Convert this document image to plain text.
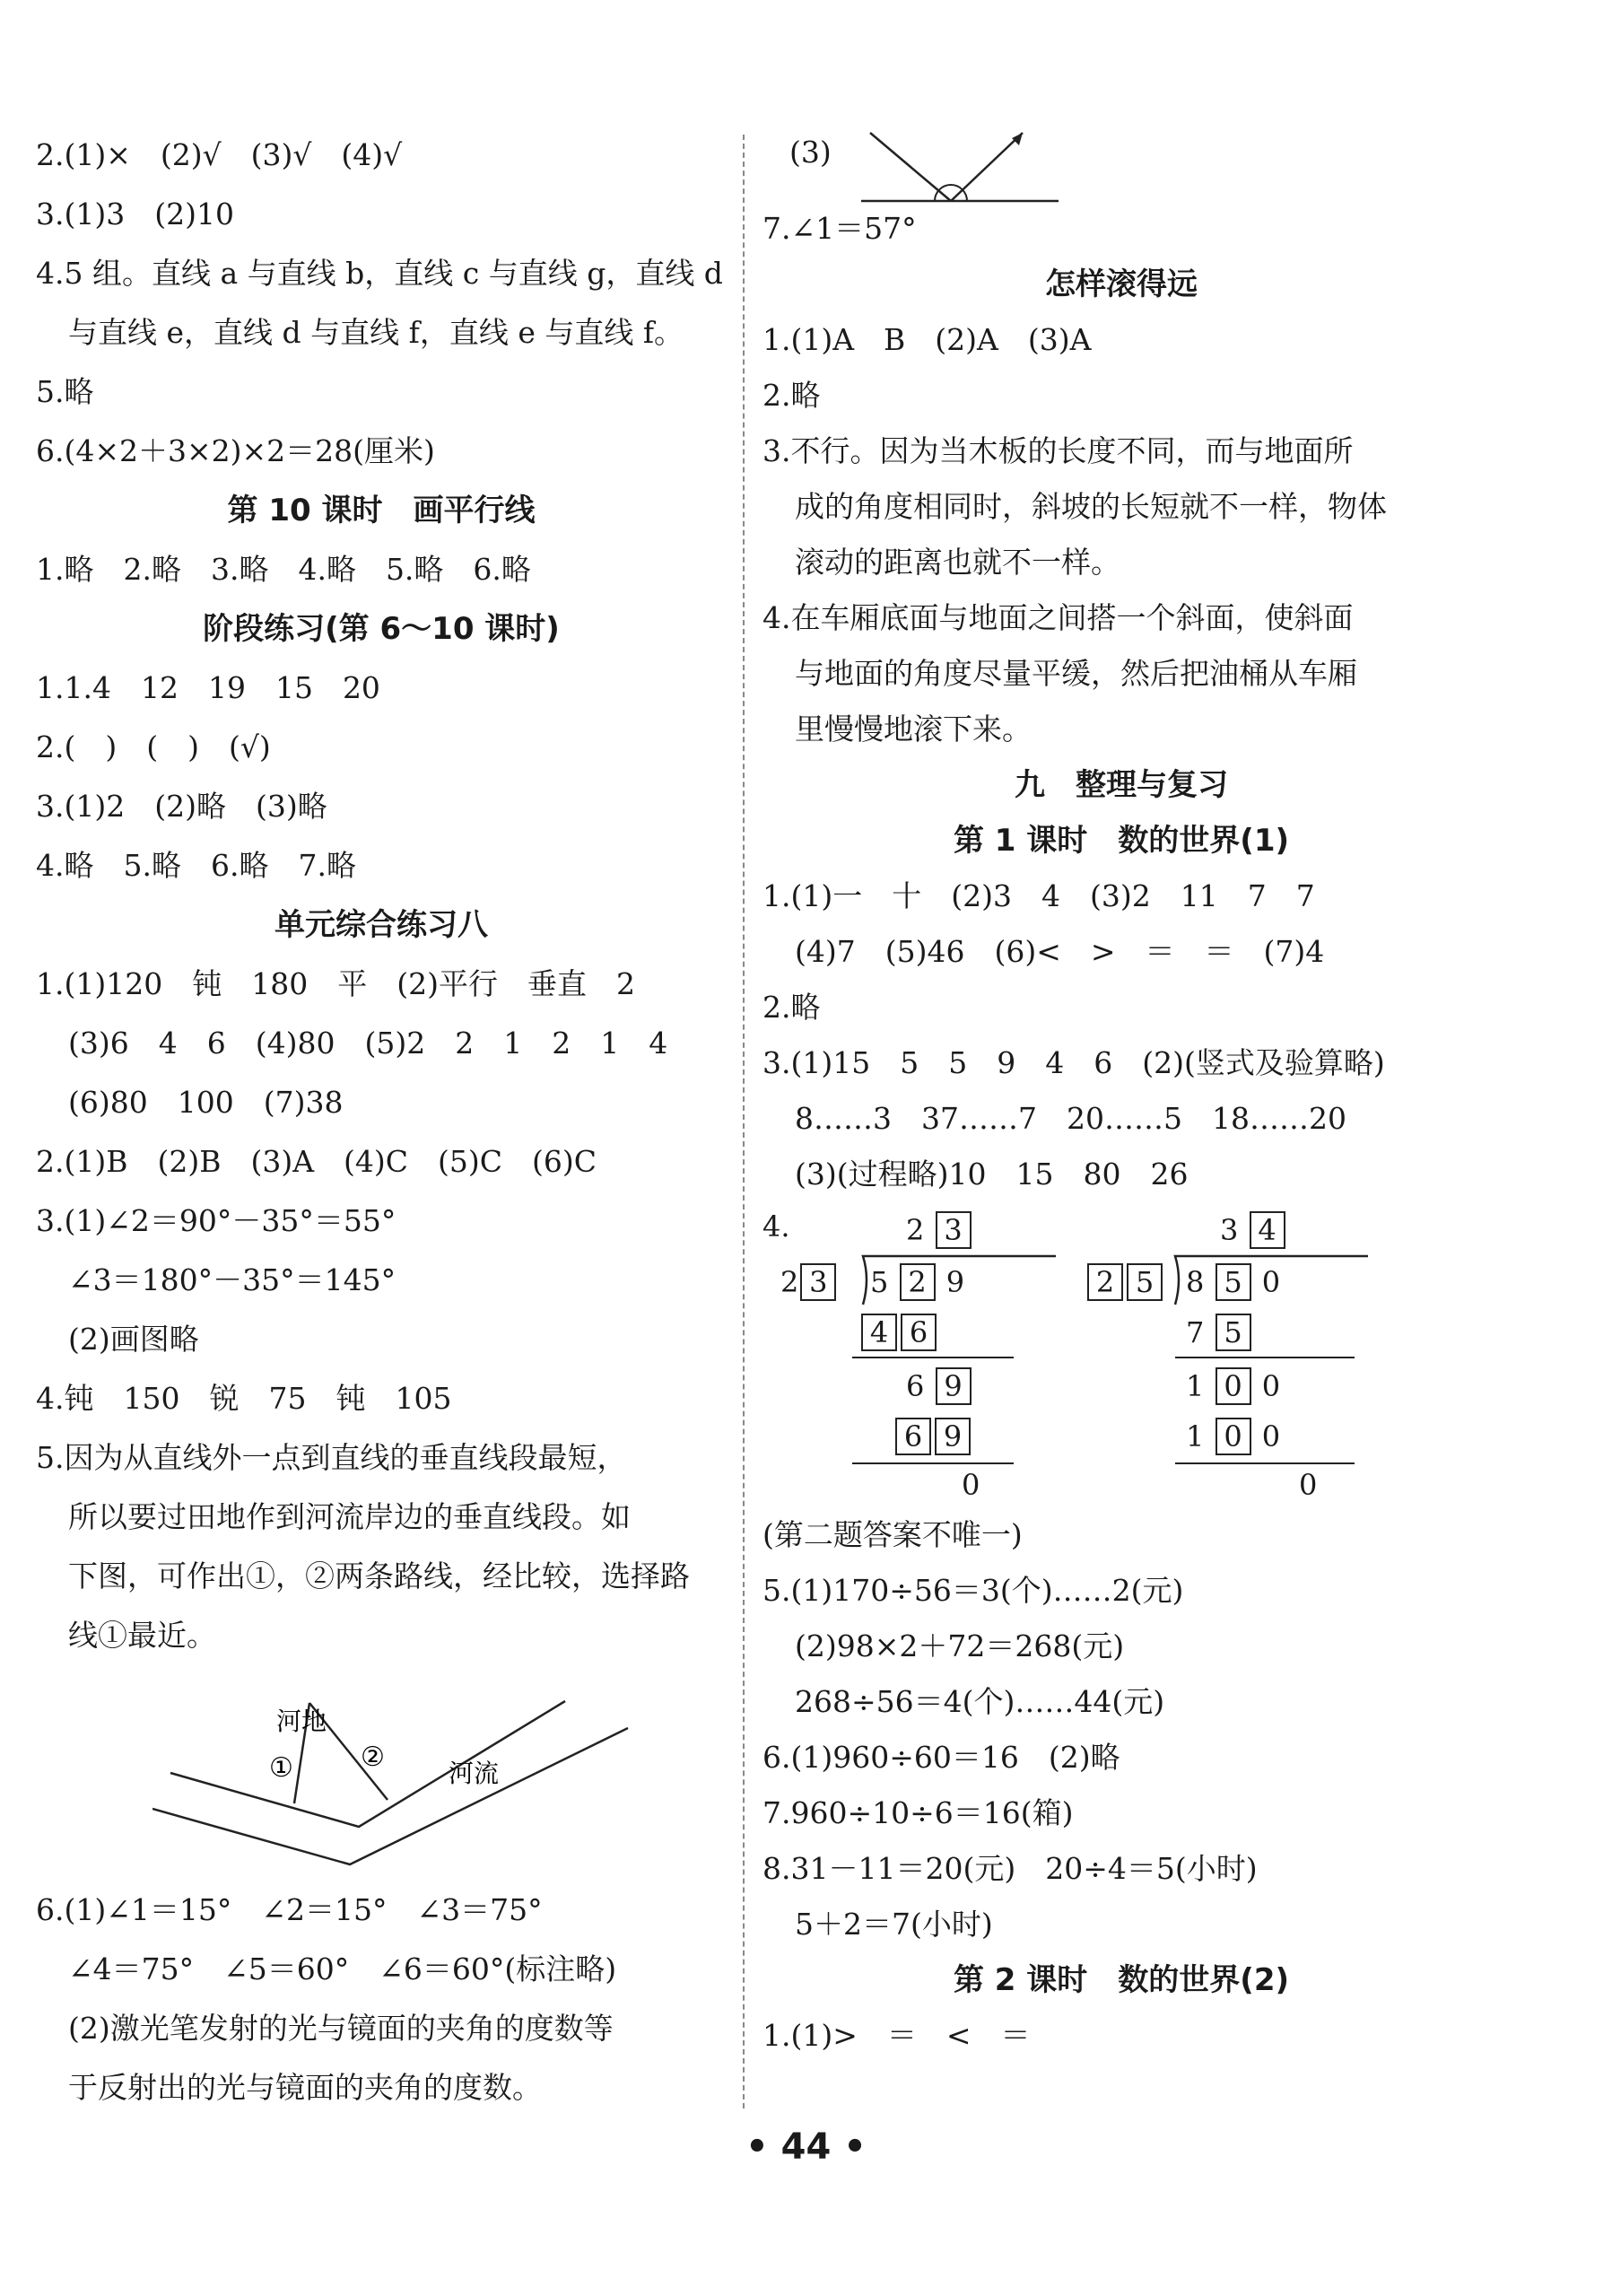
2.(1)×　(2)√　(3)√　(4)√
3.(1)3　(2)10
4.5 组。直线 a 与直线 b，直线 c 与直线 g，直线 d
与直线 e，直线 d 与直线 f，直线 e 与直线 f。
5.略
6.(4×2＋3×2)×2＝28(厘米)
第 10 课时　画平行线
1.略　2.略　3.略　4.略　5.略　6.略
阶段练习(第 6～10 课时)
1.1.4　12　19　15　20
2.(　)　(　)　(√)
3.(1)2　(2)略　(3)略
4.略　5.略　6.略　7.略
单元综合练习八
1.(1)120　钝　180　平　(2)平行　垂直　2
(3)6　4　6　(4)80　(5)2　2　1　2　1　4
(6)80　100　(7)38
2.(1)B　(2)B　(3)A　(4)C　(5)C　(6)C
3.(1)∠2＝90°－35°＝55°
∠3＝180°－35°＝145°
(2)画图略
4.钝　150　锐　75　钝　105
5.因为从直线外一点到直线的垂直线段最短，
所以要过田地作到河流岸边的垂直线段。如
下图，可作出①，②两条路线，经比较，选择路
线①最近。
河地
①	②
河流
6.(1)∠1＝15°　∠2＝15°　∠3＝75°
∠4＝75°　∠5＝60°　∠6＝60°(标注略)
(2)激光笔发射的光与镜面的夹角的度数等
于反射出的光与镜面的夹角的度数。
(3)
7.∠1＝57°
怎样滚得远
1.(1)A　B　(2)A　(3)A
2.略
3.不行。因为当木板的长度不同，而与地面所
成的角度相同时，斜坡的长短就不一样，物体
滚动的距离也就不一样。
4.在车厢底面与地面之间搭一个斜面，使斜面
与地面的角度尽量平缓，然后把油桶从车厢
里慢慢地滚下来。
九　整理与复习
第 1 课时　数的世界(1)
1.(1)一　十　(2)3　4　(3)2　11　7　7
(4)7　(5)46　(6)<　>　＝　＝　(7)4
2.略
3.(1)15　5　5　9　4　6　(2)(竖式及验算略)
8……3　37……7　20……5　18……20
(3)(过程略)10　15　80　26
4.	2 3
2 3	5 2 9
4 6
6 9
6 9
0
3 4
2 5	8 5 0
7 5
1 0 0
1 0 0
0
(第二题答案不唯一)
5.(1)170÷56＝3(个)……2(元)
(2)98×2＋72＝268(元)
268÷56＝4(个)……44(元)
6.(1)960÷60＝16　(2)略
7.960÷10÷6＝16(箱)
8.31－11＝20(元)　20÷4＝5(小时)
5＋2＝7(小时)
第 2 课时　数的世界(2)
1.(1)>　＝　<　＝
• 44 •
